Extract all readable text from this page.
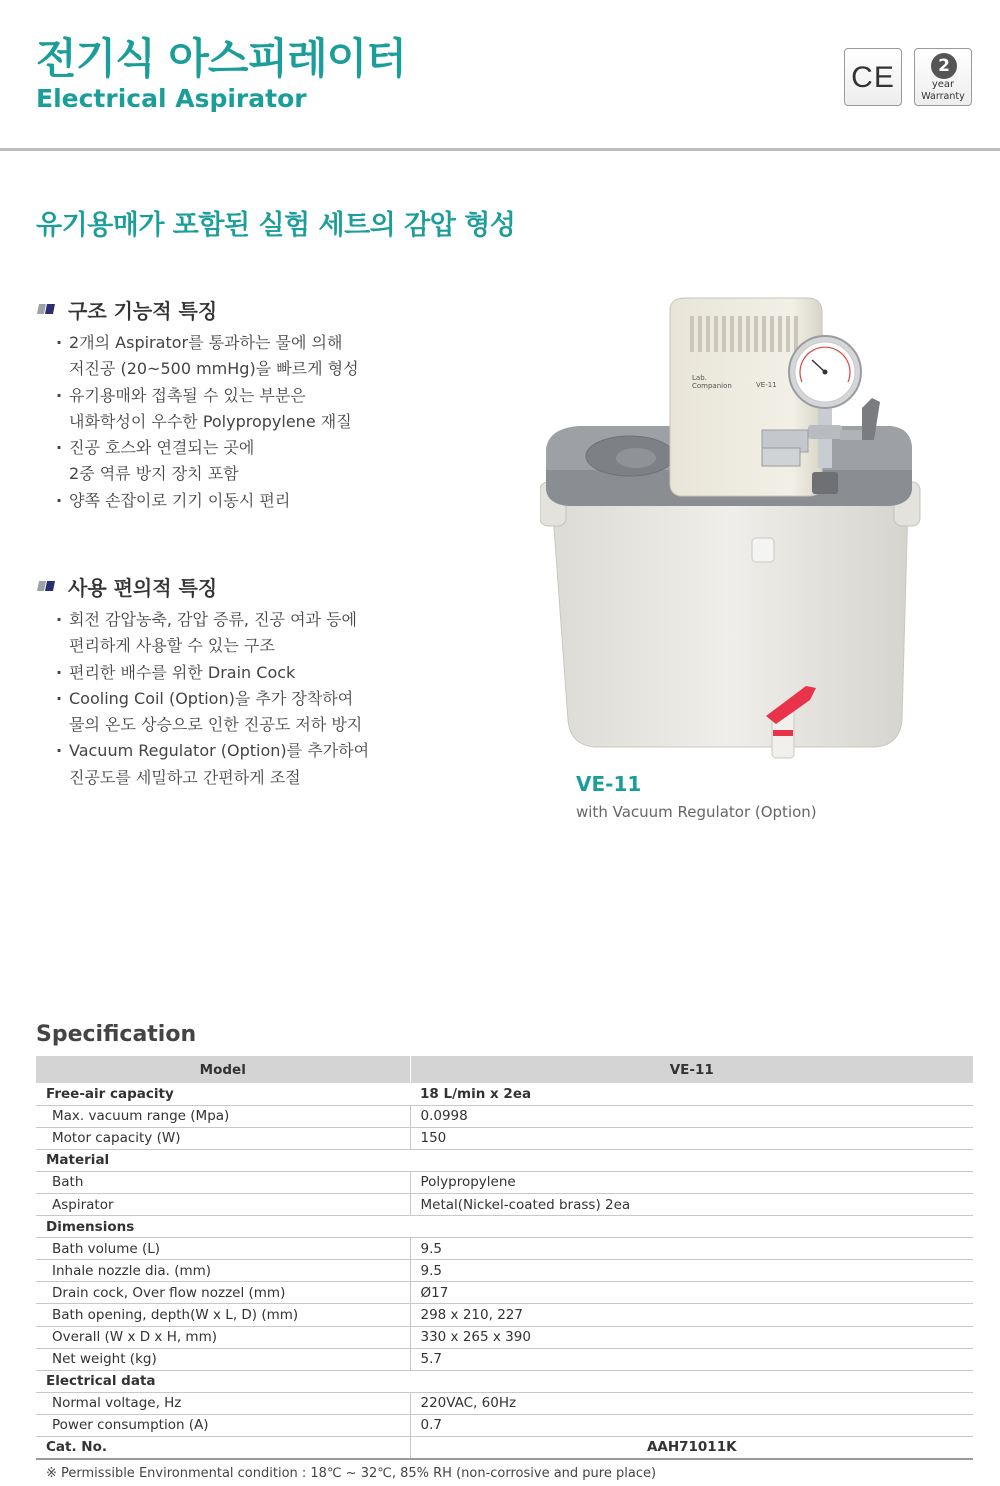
전기식 아스피레이터
Electrical Aspirator
CE	2
year
Warranty
유기용매가 포함된 실험 세트의 감압 형성
구조 기능적 특징
· 2개의 Aspirator를 통과하는 물에 의해
저진공 (20~500 mmHg)을 빠르게 형성
· 유기용매와 접촉될 수 있는 부분은
내화학성이 우수한 Polypropylene 재질
· 진공 호스와 연결되는 곳에
2중 역류 방지 장치 포함
· 양쪽 손잡이로 기기 이동시 편리
사용 편의적 특징
· 회전 감압농축, 감압 증류, 진공 여과 등에
편리하게 사용할 수 있는 구조
· 편리한 배수를 위한 Drain Cock
· Cooling Coil (Option)을 추가 장착하여
물의 온도 상승으로 인한 진공도 저하 방지
· Vacuum Regulator (Option)를 추가하여
진공도를 세밀하고 간편하게 조절
Lab.
Companion	VE-11
VE-11
with Vacuum Regulator (Option)
Specification
Model	VE-11
Free-air capacity	18 L/min x 2ea
Max. vacuum range (Mpa)	0.0998
Motor capacity (W)	150
Material	
Bath	Polypropylene
Aspirator	Metal(Nickel-coated brass) 2ea
Dimensions	
Bath volume (L)	9.5
Inhale nozzle dia. (mm)	9.5
Drain cock, Over flow nozzel (mm)	Ø17
Bath opening, depth(W x L, D) (mm)	298 x 210, 227
Overall (W x D x H, mm)	330 x 265 x 390
Net weight (kg)	5.7
Electrical data	
Normal voltage, Hz	220VAC, 60Hz
Power consumption (A)	0.7
Cat. No.	AAH71011K
※ Permissible Environmental condition : 18℃ ~ 32℃, 85% RH (non-corrosive and pure place)
